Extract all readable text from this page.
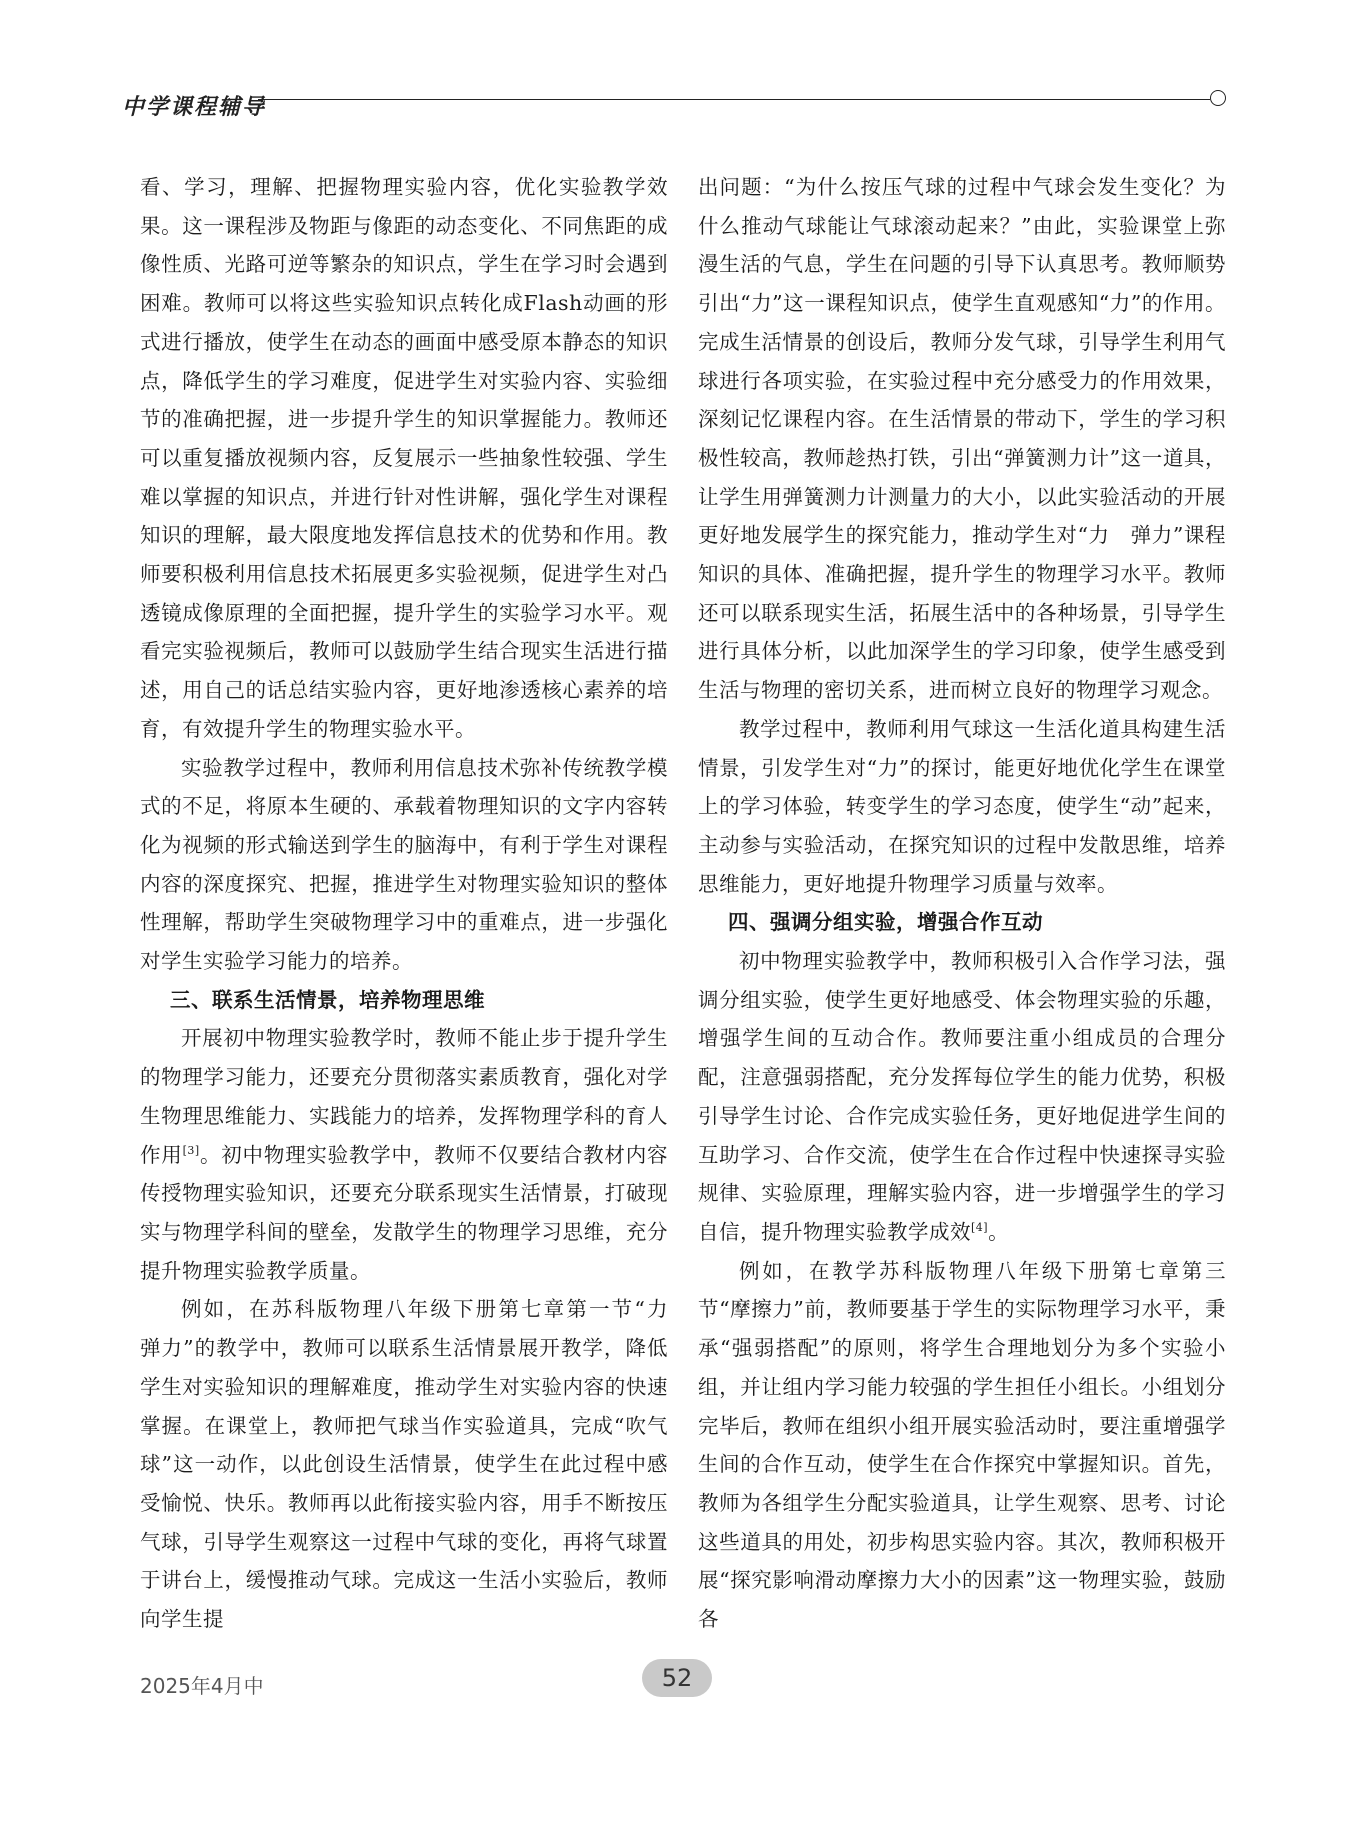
中学课程辅导

看、学习，理解、把握物理实验内容，优化实验教学效果。这一课程涉及物距与像距的动态变化、不同焦距的成像性质、光路可逆等繁杂的知识点，学生在学习时会遇到困难。教师可以将这些实验知识点转化成Flash动画的形式进行播放，使学生在动态的画面中感受原本静态的知识点，降低学生的学习难度，促进学生对实验内容、实验细节的准确把握，进一步提升学生的知识掌握能力。教师还可以重复播放视频内容，反复展示一些抽象性较强、学生难以掌握的知识点，并进行针对性讲解，强化学生对课程知识的理解，最大限度地发挥信息技术的优势和作用。教师要积极利用信息技术拓展更多实验视频，促进学生对凸透镜成像原理的全面把握，提升学生的实验学习水平。观看完实验视频后，教师可以鼓励学生结合现实生活进行描述，用自己的话总结实验内容，更好地渗透核心素养的培育，有效提升学生的物理实验水平。

实验教学过程中，教师利用信息技术弥补传统教学模式的不足，将原本生硬的、承载着物理知识的文字内容转化为视频的形式输送到学生的脑海中，有利于学生对课程内容的深度探究、把握，推进学生对物理实验知识的整体性理解，帮助学生突破物理学习中的重难点，进一步强化对学生实验学习能力的培养。

三、联系生活情景，培养物理思维

开展初中物理实验教学时，教师不能止步于提升学生的物理学习能力，还要充分贯彻落实素质教育，强化对学生物理思维能力、实践能力的培养，发挥物理学科的育人作用[3]。初中物理实验教学中，教师不仅要结合教材内容传授物理实验知识，还要充分联系现实生活情景，打破现实与物理学科间的壁垒，发散学生的物理学习思维，充分提升物理实验教学质量。

例如，在苏科版物理八年级下册第七章第一节“力　弹力”的教学中，教师可以联系生活情景展开教学，降低学生对实验知识的理解难度，推动学生对实验内容的快速掌握。在课堂上，教师把气球当作实验道具，完成“吹气球”这一动作，以此创设生活情景，使学生在此过程中感受愉悦、快乐。教师再以此衔接实验内容，用手不断按压气球，引导学生观察这一过程中气球的变化，再将气球置于讲台上，缓慢推动气球。完成这一生活小实验后，教师向学生提

出问题：“为什么按压气球的过程中气球会发生变化？为什么推动气球能让气球滚动起来？”由此，实验课堂上弥漫生活的气息，学生在问题的引导下认真思考。教师顺势引出“力”这一课程知识点，使学生直观感知“力”的作用。完成生活情景的创设后，教师分发气球，引导学生利用气球进行各项实验，在实验过程中充分感受力的作用效果，深刻记忆课程内容。在生活情景的带动下，学生的学习积极性较高，教师趁热打铁，引出“弹簧测力计”这一道具，让学生用弹簧测力计测量力的大小，以此实验活动的开展更好地发展学生的探究能力，推动学生对“力　弹力”课程知识的具体、准确把握，提升学生的物理学习水平。教师还可以联系现实生活，拓展生活中的各种场景，引导学生进行具体分析，以此加深学生的学习印象，使学生感受到生活与物理的密切关系，进而树立良好的物理学习观念。

教学过程中，教师利用气球这一生活化道具构建生活情景，引发学生对“力”的探讨，能更好地优化学生在课堂上的学习体验，转变学生的学习态度，使学生“动”起来，主动参与实验活动，在探究知识的过程中发散思维，培养思维能力，更好地提升物理学习质量与效率。

四、强调分组实验，增强合作互动

初中物理实验教学中，教师积极引入合作学习法，强调分组实验，使学生更好地感受、体会物理实验的乐趣，增强学生间的互动合作。教师要注重小组成员的合理分配，注意强弱搭配，充分发挥每位学生的能力优势，积极引导学生讨论、合作完成实验任务，更好地促进学生间的互助学习、合作交流，使学生在合作过程中快速探寻实验规律、实验原理，理解实验内容，进一步增强学生的学习自信，提升物理实验教学成效[4]。

例如，在教学苏科版物理八年级下册第七章第三节“摩擦力”前，教师要基于学生的实际物理学习水平，秉承“强弱搭配”的原则，将学生合理地划分为多个实验小组，并让组内学习能力较强的学生担任小组长。小组划分完毕后，教师在组织小组开展实验活动时，要注重增强学生间的合作互动，使学生在合作探究中掌握知识。首先，教师为各组学生分配实验道具，让学生观察、思考、讨论这些道具的用处，初步构思实验内容。其次，教师积极开展“探究影响滑动摩擦力大小的因素”这一物理实验，鼓励各

2025年4月中	52
